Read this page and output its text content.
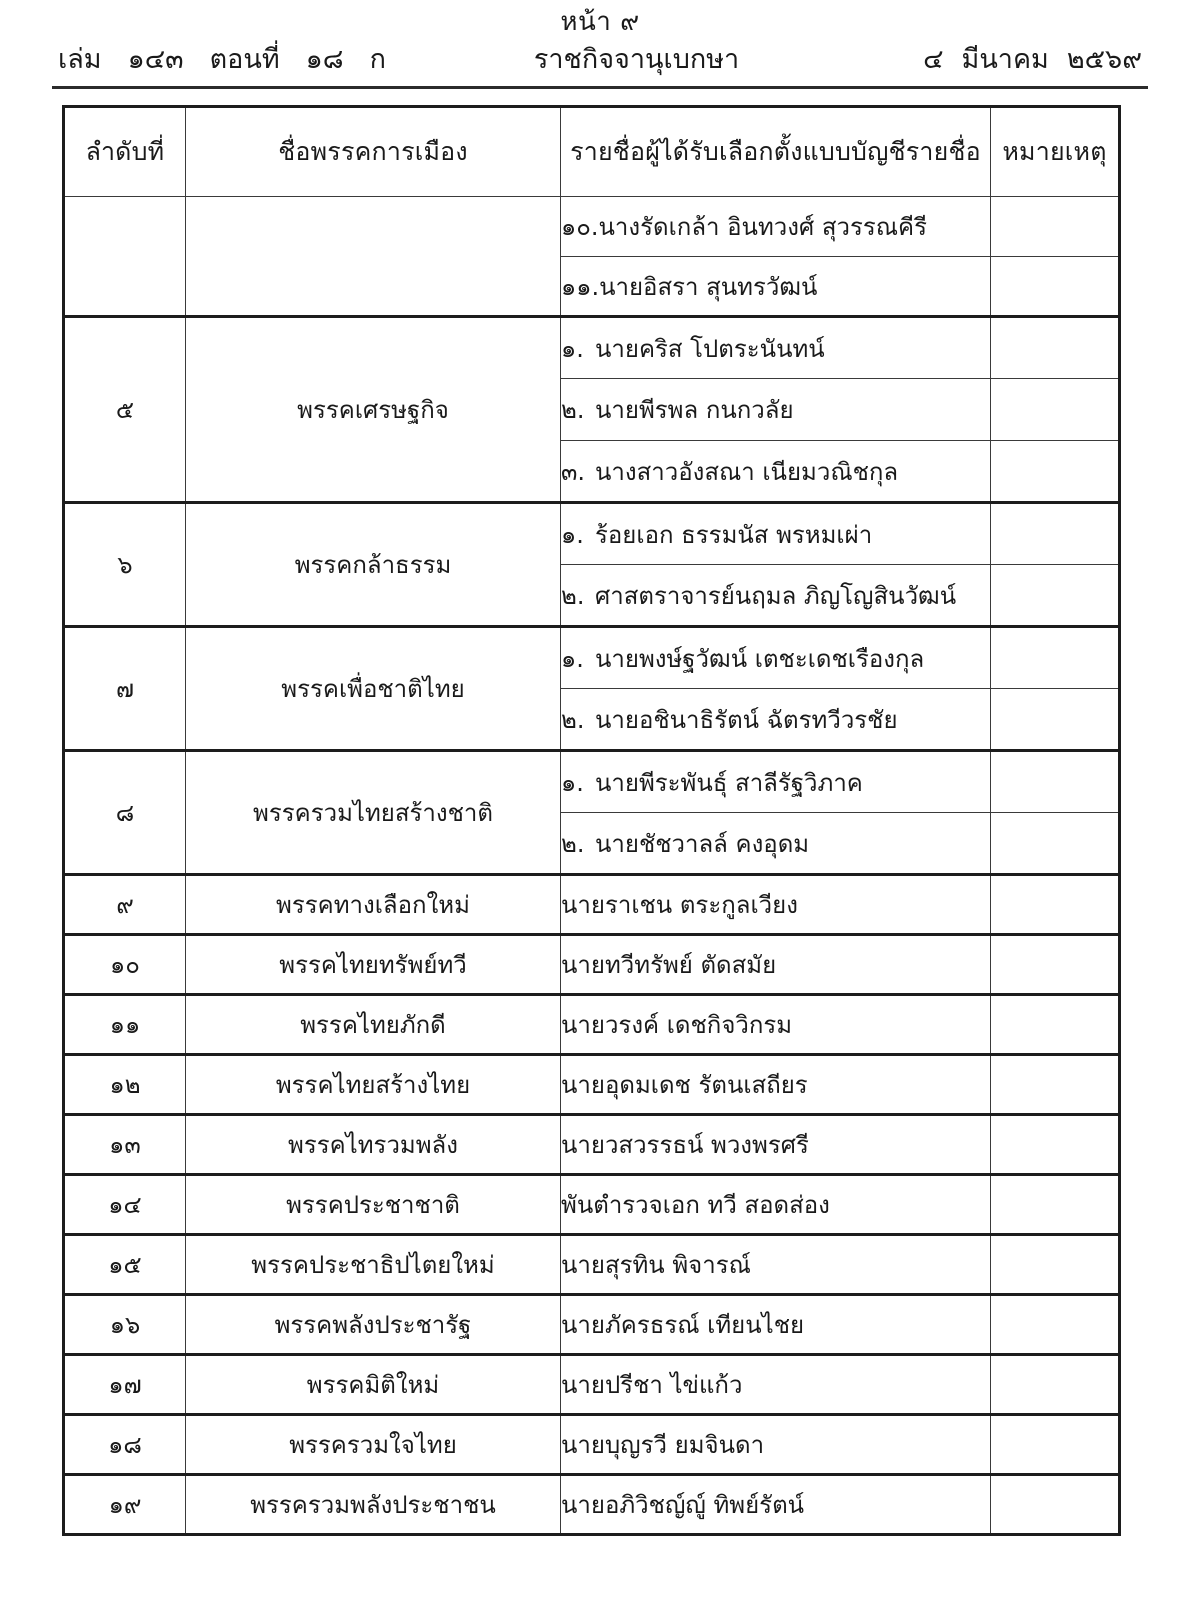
หน้า ๙
เล่ม ๑๔๓ ตอนที่ ๑๘ ก	ราชกิจจานุเบกษา	๔ มีนาคม ๒๕๖๙
ลำดับที่	ชื่อพรรคการเมือง	รายชื่อผู้ได้รับเลือกตั้งแบบบัญชีรายชื่อ	หมายเหตุ
		๑๐.นางรัดเกล้า อินทวงศ์ สุวรรณคีรี	
		๑๑.นายอิสรา สุนทรวัฒน์	

๕	พรรคเศรษฐกิจ	๑. นายคริส โปตระนันทน์	
		๒. นายพีรพล กนกวลัย	
		๓. นางสาวอังสณา เนียมวณิชกุล	

๖	พรรคกล้าธรรม	๑. ร้อยเอก ธรรมนัส พรหมเผ่า	
		๒. ศาสตราจารย์นฤมล ภิญโญสินวัฒน์	

๗	พรรคเพื่อชาติไทย	๑. นายพงษ์ฐวัฒน์ เตชะเดชเรืองกุล	
		๒. นายอชินาธิรัตน์ ฉัตรทวีวรชัย	

๘	พรรครวมไทยสร้างชาติ	๑. นายพีระพันธุ์ สาลีรัฐวิภาค	
		๒. นายชัชวาลล์ คงอุดม	

๙	พรรคทางเลือกใหม่	นายราเชน ตระกูลเวียง	

๑๐	พรรคไทยทรัพย์ทวี	นายทวีทรัพย์ ตัดสมัย	

๑๑	พรรคไทยภักดี	นายวรงค์ เดชกิจวิกรม	

๑๒	พรรคไทยสร้างไทย	นายอุดมเดช รัตนเสถียร	

๑๓	พรรคไทรวมพลัง	นายวสวรรธน์ พวงพรศรี	

๑๔	พรรคประชาชาติ	พันตำรวจเอก ทวี สอดส่อง	

๑๕	พรรคประชาธิปไตยใหม่	นายสุรทิน พิจารณ์	

๑๖	พรรคพลังประชารัฐ	นายภัครธรณ์ เทียนไชย	

๑๗	พรรคมิติใหม่	นายปรีชา ไข่แก้ว	

๑๘	พรรครวมใจไทย	นายบุญรวี ยมจินดา	

๑๙	พรรครวมพลังประชาชน	นายอภิวิชญ์ญู์ ทิพย์รัตน์	
